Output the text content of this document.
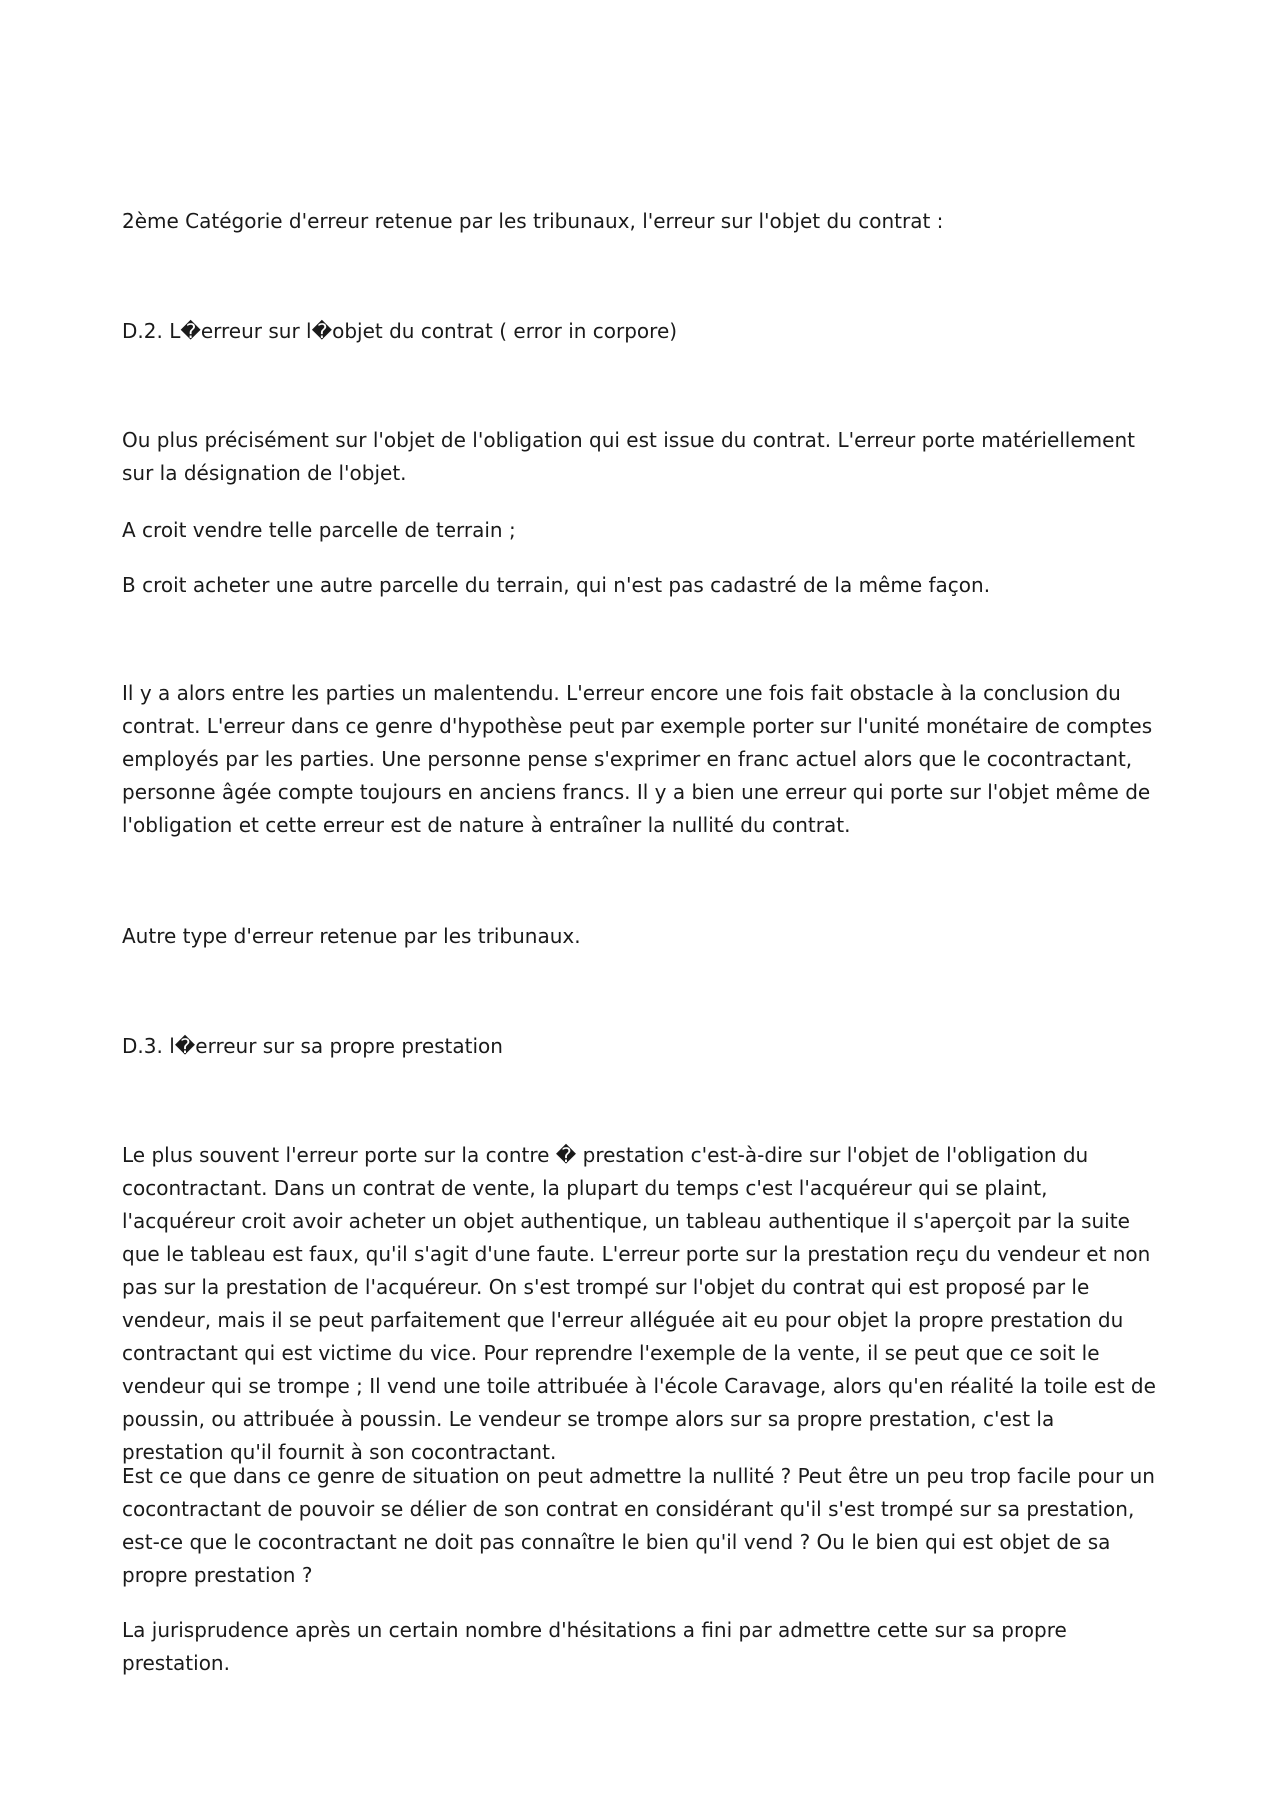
2ème Catégorie d'erreur retenue par les tribunaux, l'erreur sur l'objet du contrat :

D.2. L�erreur sur l�objet du contrat ( error in corpore)

Ou plus précisément sur l'objet de l'obligation qui est issue du contrat. L'erreur porte matériellement sur la désignation de l'objet.

A croit vendre telle parcelle de terrain ;

B croit acheter une autre parcelle du terrain, qui n'est pas cadastré de la même façon.

Il y a alors entre les parties un malentendu. L'erreur encore une fois fait obstacle à la conclusion du contrat. L'erreur dans ce genre d'hypothèse peut par exemple porter sur l'unité monétaire de comptes employés par les parties. Une personne pense s'exprimer en franc actuel alors que le cocontractant, personne âgée compte toujours en anciens francs. Il y a bien une erreur qui porte sur l'objet même de l'obligation et cette erreur est de nature à entraîner la nullité du contrat.

Autre type d'erreur retenue par les tribunaux.

D.3. l�erreur sur sa propre prestation

Le plus souvent l'erreur porte sur la contre � prestation c'est-à-dire sur l'objet de l'obligation du cocontractant. Dans un contrat de vente, la plupart du temps c'est l'acquéreur qui se plaint, l'acquéreur croit avoir acheter un objet authentique, un tableau authentique il s'aperçoit par la suite que le tableau est faux, qu'il s'agit d'une faute. L'erreur porte sur la prestation reçu du vendeur et non pas sur la prestation de l'acquéreur. On s'est trompé sur l'objet du contrat qui est proposé par le vendeur, mais il se peut parfaitement que l'erreur alléguée ait eu pour objet la propre prestation du contractant qui est victime du vice. Pour reprendre l'exemple de la vente, il se peut que ce soit le vendeur qui se trompe ; Il vend une toile attribuée à l'école Caravage, alors qu'en réalité la toile est de poussin, ou attribuée à poussin. Le vendeur se trompe alors sur sa propre prestation, c'est la prestation qu'il fournit à son cocontractant.

Est ce que dans ce genre de situation on peut admettre la nullité ? Peut être un peu trop facile pour un cocontractant de pouvoir se délier de son contrat en considérant qu'il s'est trompé sur sa prestation, est-ce que le cocontractant ne doit pas connaître le bien qu'il vend ? Ou le bien qui est objet de sa propre prestation ?

La jurisprudence après un certain nombre d'hésitations a fini par admettre cette sur sa propre prestation.
